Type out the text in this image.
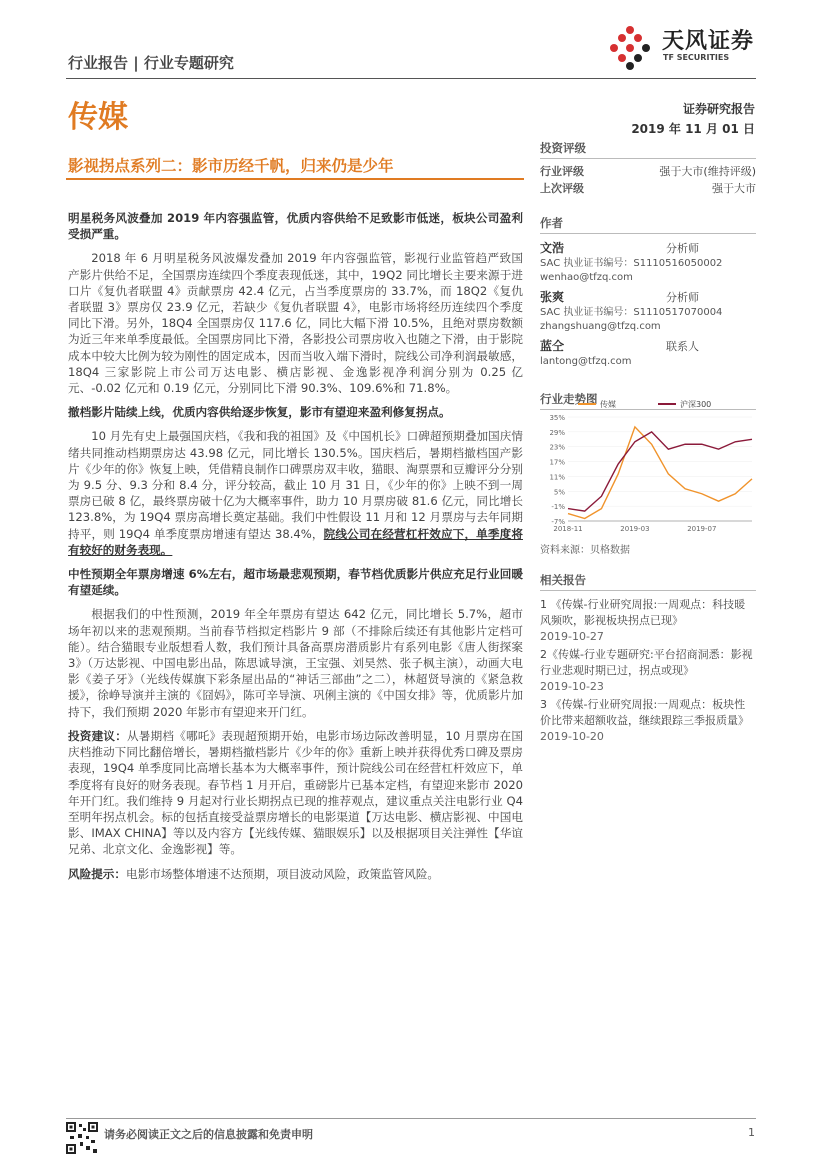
行业报告 | 行业专题研究
天风证券
TF SECURITIES
传媒	证券研究报告
2019 年 11 月 01 日
影视拐点系列二：影市历经千帆，归来仍是少年

明星税务风波叠加 2019 年内容强监管，优质内容供给不足致影市低迷，板块公司盈利受损严重。

2018 年 6 月明星税务风波爆发叠加 2019 年内容强监管，影视行业监管趋严致国产影片供给不足，全国票房连续四个季度表现低迷，其中，19Q2 同比增长主要来源于进口片《复仇者联盟 4》贡献票房 42.4 亿元，占当季度票房的 33.7%，而 18Q2《复仇者联盟 3》票房仅 23.9 亿元，若缺少《复仇者联盟 4》，电影市场将经历连续四个季度同比下滑。另外，18Q4 全国票房仅 117.6 亿，同比大幅下滑 10.5%，且绝对票房数额为近三年来单季度最低。全国票房同比下滑，各影投公司票房收入也随之下滑，由于影院成本中较大比例为较为刚性的固定成本，因而当收入端下滑时，院线公司净利润最敏感，18Q4 三家影院上市公司万达电影、横店影视、金逸影视净利润分别为 0.25 亿元、-0.02 亿元和 0.19 亿元，分别同比下滑 90.3%、109.6%和 71.8%。

撤档影片陆续上线，优质内容供给逐步恢复，影市有望迎来盈利修复拐点。

10 月先有史上最强国庆档，《我和我的祖国》及《中国机长》口碑超预期叠加国庆情绪共同推动档期票房达 43.98 亿元，同比增长 130.5%。国庆档后，暑期档撤档国产影片《少年的你》恢复上映，凭借精良制作口碑票房双丰收，猫眼、淘票票和豆瓣评分分别为 9.5 分、9.3 分和 8.4 分，评分较高，截止 10 月 31 日，《少年的你》上映不到一周票房已破 8 亿，最终票房破十亿为大概率事件，助力 10 月票房破 81.6 亿元，同比增长 123.8%，为 19Q4 票房高增长奠定基础。我们中性假设 11 月和 12 月票房与去年同期持平，则 19Q4 单季度票房增速有望达 38.4%，院线公司在经营杠杆效应下，单季度将有较好的财务表现。

中性预期全年票房增速 6%左右，超市场最悲观预期，春节档优质影片供应充足行业回暖有望延续。

根据我们的中性预测，2019 年全年票房有望达 642 亿元，同比增长 5.7%，超市场年初以来的悲观预期。当前春节档拟定档影片 9 部（不排除后续还有其他影片定档可能）。结合猫眼专业版想看人数，我们预计具备高票房潜质影片有系列电影《唐人街探案 3》（万达影视、中国电影出品，陈思诚导演，王宝强、刘昊然、张子枫主演），动画大电影《姜子牙》（光线传媒旗下彩条屋出品的“神话三部曲”之二），林超贤导演的《紧急救援》，徐峥导演并主演的《囧妈》，陈可辛导演、巩俐主演的《中国女排》等，优质影片加持下，我们预期 2020 年影市有望迎来开门红。

投资建议：从暑期档《哪吒》表现超预期开始，电影市场边际改善明显，10 月票房在国庆档推动下同比翻倍增长，暑期档撤档影片《少年的你》重新上映并获得优秀口碑及票房表现，19Q4 单季度同比高增长基本为大概率事件，预计院线公司在经营杠杆效应下，单季度将有良好的财务表现。春节档 1 月开启，重磅影片已基本定档，有望迎来影市 2020 年开门红。我们维持 9 月起对行业长期拐点已现的推荐观点，建议重点关注电影行业 Q4 至明年拐点机会。标的包括直接受益票房增长的电影渠道【万达电影、横店影视、中国电影、IMAX CHINA】等以及内容方【光线传媒、猫眼娱乐】以及根据项目关注弹性【华谊兄弟、北京文化、金逸影视】等。

风险提示：电影市场整体增速不达预期，项目波动风险，政策监管风险。

投资评级
行业评级	强于大市(维持评级)
上次评级	强于大市
作者
文浩	分析师
SAC 执业证书编号：S1110516050002
wenhao@tfzq.com
张爽	分析师
SAC 执业证书编号：S1110517070004
zhangshuang@tfzq.com
蓝仝	联系人
lantong@tfzq.com
行业走势图
35%
29%
23%
17%
11%
5%
-1%
-7%
2018-11	2019-03	2019-07
传媒	沪深300
资料来源：贝格数据
相关报告
1 《传媒-行业研究周报:一周观点：科技暖风频吹，影视板块拐点已现》
2019-10-27
2《传媒-行业专题研究:平台招商洞悉：影视行业悲观时期已过，拐点或现》
2019-10-23
3 《传媒-行业研究周报:一周观点：板块性价比带来超额收益，继续跟踪三季报质量》 2019-10-20
请务必阅读正文之后的信息披露和免责申明	1
